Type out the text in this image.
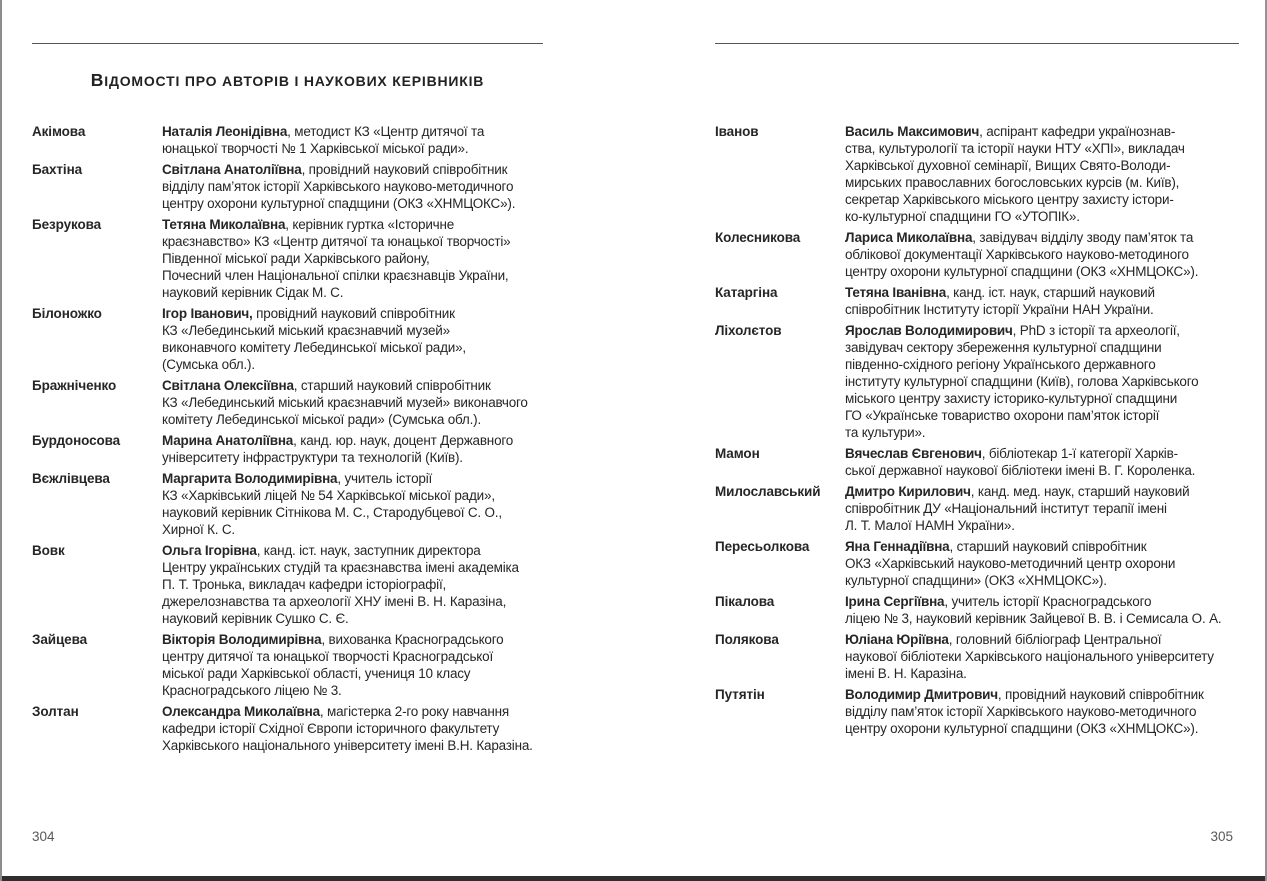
ВІДОМОСТІ ПРО АВТОРІВ І НАУКОВИХ КЕРІВНИКІВ
Акімова	Наталія Леонідівна, методист КЗ «Центр дитячої та
юнацької творчості № 1 Харківської міської ради».
Бахтіна	Світлана Анатоліївна, провідний науковий співробітник
відділу пам’яток історії Харківського науково-методичного
центру охорони культурної спадщини (ОКЗ «ХНМЦОКС»).
Безрукова	Тетяна Миколаївна, керівник гуртка «Історичне
краєзнавство» КЗ «Центр дитячої та юнацької творчості»
Південної міської ради Харківського району,
Почесний член Національної спілки краєзнавців України,
науковий керівник Сідак М. С.
Білоножко	Ігор Іванович, провідний науковий співробітник
КЗ «Лебединський міський краєзнавчий музей»
виконавчого комітету Лебединської міської ради»,
(Сумська обл.).
Бражніченко	Світлана Олексіївна, старший науковий співробітник
КЗ «Лебединський міський краєзнавчий музей» виконавчого
комітету Лебединської міської ради» (Сумська обл.).
Бурдоносова	Марина Анатоліївна, канд. юр. наук, доцент Державного
університету інфраструктури та технологій (Київ).
Вєжлівцева	Маргарита Володимирівна, учитель історії
КЗ «Харківський ліцей № 54 Харківської міської ради»,
науковий керівник Сітнікова М. С., Стародубцевої С. О.,
Хирної К. С.
Вовк	Ольга Ігорівна, канд. іст. наук, заступник директора
Центру українських студій та краєзнавства імені академіка
П. Т. Тронька, викладач кафедри історіографії,
джерелознавства та археології ХНУ імені В. Н. Каразіна,
науковий керівник Сушко С. Є.
Зайцева	Вікторія Володимирівна, вихованка Красноградського
центру дитячої та юнацької творчості Красноградської
міської ради Харківської області, учениця 10 класу
Красноградського ліцею № 3.
Золтан	Олександра Миколаївна, магістерка 2-го року навчання
кафедри історії Східної Європи історичного факультету
Харківського національного університету імені В.Н. Каразіна.
Іванов	Василь Максимович, аспірант кафедри українознав-
ства, культурології та історії науки НТУ «ХПІ», викладач
Харківської духовної семінарії, Вищих Свято-Володи-
мирських православних богословських курсів (м. Київ),
секретар Харківського міського центру захисту істори-
ко-культурної спадщини ГО «УТОПІК».
Колесникова	Лариса Миколаївна, завідувач відділу зводу пам’яток та
облікової документації Харківського науково-методиного
центру охорони культурної спадщини (ОКЗ «ХНМЦОКС»).
Катаргіна	Тетяна Іванівна, канд. іст. наук, старший науковий
співробітник Інституту історії України НАН України.
Ліхолєтов	Ярослав Володимирович, PhD з історії та археології,
завідувач сектору збереження культурної спадщини
південно-східного регіону Українського державного
інституту культурної спадщини (Київ), голова Харківського
міського центру захисту історико-культурної спадщини
ГО «Українське товариство охорони пам’яток історії
та культури».
Мамон	Вячеслав Євгенович, бібліотекар 1-ї категорії Харків-
ської державної наукової бібліотеки імені В. Г. Короленка.
Милославський	Дмитро Кирилович, канд. мед. наук, старший науковий
співробітник ДУ «Національний інститут терапії імені
Л. Т. Малої НАМН України».
Пересьолкова	Яна Геннадіївна, старший науковий співробітник
ОКЗ «Харківський науково-методичний центр охорони
культурної спадщини» (ОКЗ «ХНМЦОКС»).
Пікалова	Ірина Сергіївна, учитель історії Красноградського
ліцею № 3, науковий керівник Зайцевої В. В. і Семисала О. А.
Полякова	Юліана Юріївна, головний бібліограф Центральної
наукової бібліотеки Харківського національного університету
імені В. Н. Каразіна.
Путятін	Володимир Дмитрович, провідний науковий співробітник
відділу пам’яток історії Харківського науково-методичного
центру охорони культурної спадщини (ОКЗ «ХНМЦОКС»).
304	305
